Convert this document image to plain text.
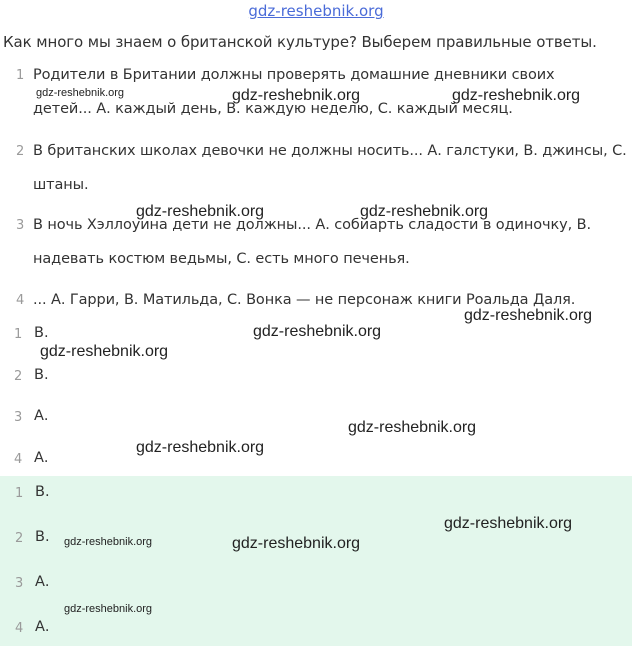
gdz-reshebnik.org
Как много мы знаем о британской культуре? Выберем правильные ответы.
1 Родители в Британии должны проверять домашние дневники своих детей... А. каждый день, В. каждую неделю, С. каждый месяц.
2 В британских школах девочки не должны носить... А. галстуки, В. джинсы, С. штаны.
3 В ночь Хэллоуина дети не должны... А. собиарть сладости в одиночку, В. надевать костюм ведьмы, С. есть много печенья.
4 ... А. Гарри, В. Матильда, С. Вонка — не персонаж книги Роальда Даля.
1 В.
2 В.
3 А.
4 А.
1 В.
2 В.
3 А.
4 А.
gdz-reshebnik.org	gdz-reshebnik.org	gdz-reshebnik.org
gdz-reshebnik.org	gdz-reshebnik.org
gdz-reshebnik.org
gdz-reshebnik.org
gdz-reshebnik.org
gdz-reshebnik.org
gdz-reshebnik.org
gdz-reshebnik.org
gdz-reshebnik.org	gdz-reshebnik.org
gdz-reshebnik.org
